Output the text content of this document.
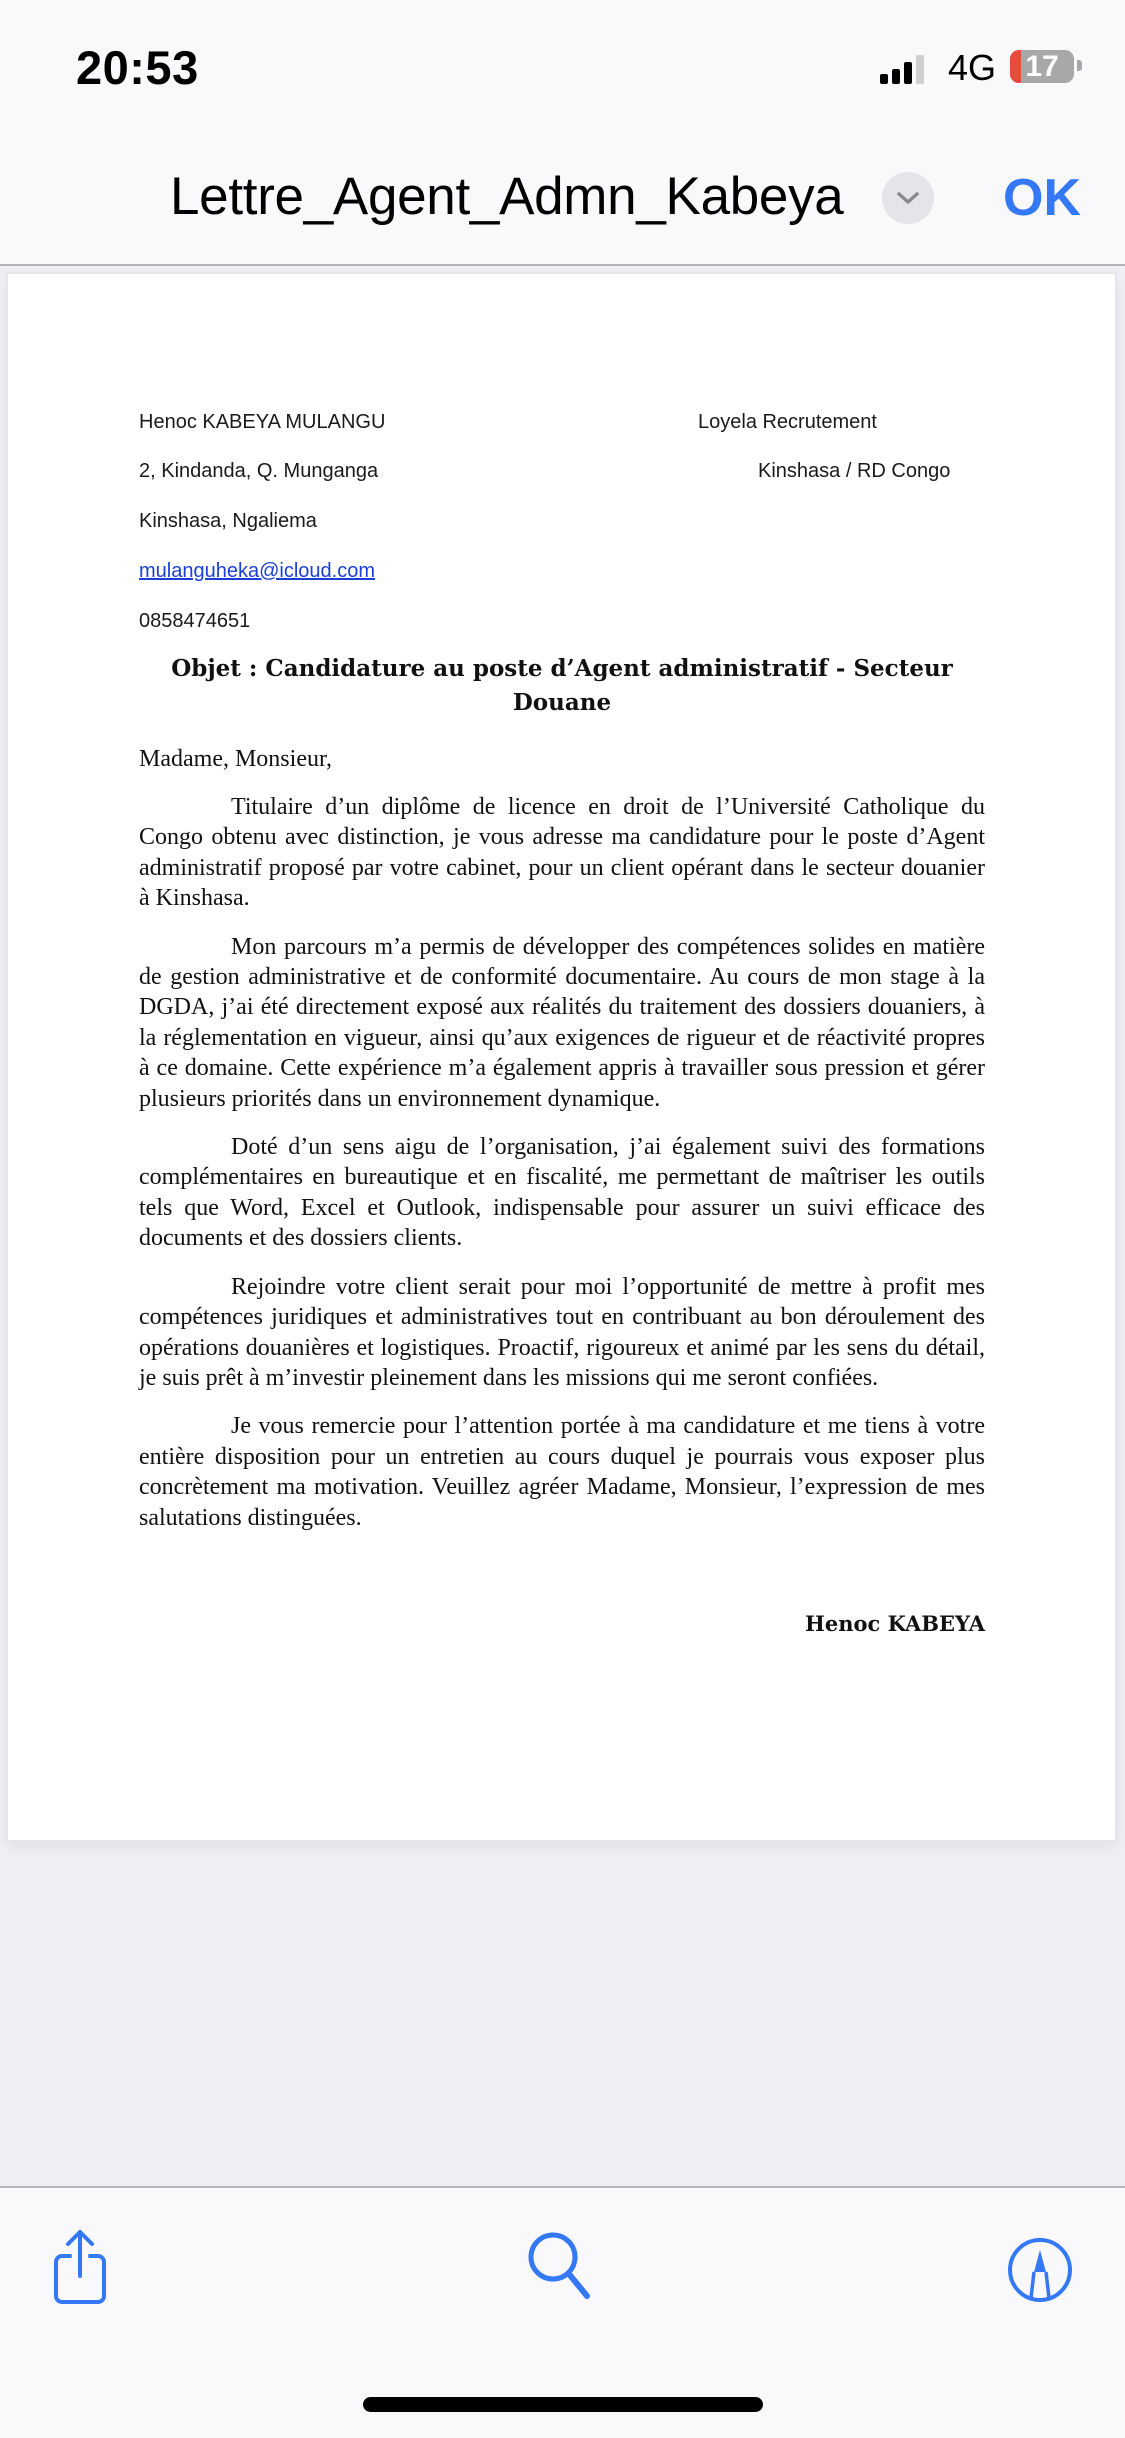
20:53	4G 17
Lettre_Agent_Admn_Kabeya	OK
Henoc KABEYA MULANGU
2, Kindanda, Q. Munganga
Kinshasa, Ngaliema
mulanguheka@icloud.com
0858474651
Loyela Recrutement
Kinshasa / RD Congo
Objet : Candidature au poste d’Agent administratif - Secteur Douane
Madame, Monsieur,

Titulaire d’un diplôme de licence en droit de l’Université Catholique du Congo obtenu avec distinction, je vous adresse ma candidature pour le poste d’Agent administratif proposé par votre cabinet, pour un client opérant dans le secteur douanier à Kinshasa.

Mon parcours m’a permis de développer des compétences solides en matière de gestion administrative et de conformité documentaire. Au cours de mon stage à la DGDA, j’ai été directement exposé aux réalités du traitement des dossiers douaniers, à la réglementation en vigueur, ainsi qu’aux exigences de rigueur et de réactivité propres à ce domaine. Cette expérience m’a également appris à travailler sous pression et gérer plusieurs priorités dans un environnement dynamique.

Doté d’un sens aigu de l’organisation, j’ai également suivi des formations complémentaires en bureautique et en fiscalité, me permettant de maîtriser les outils tels que Word, Excel et Outlook, indispensable pour assurer un suivi efficace des documents et des dossiers clients.

Rejoindre votre client serait pour moi l’opportunité de mettre à profit mes compétences juridiques et administratives tout en contribuant au bon déroulement des opérations douanières et logistiques. Proactif, rigoureux et animé par les sens du détail, je suis prêt à m’investir pleinement dans les missions qui me seront confiées.

Je vous remercie pour l’attention portée à ma candidature et me tiens à votre entière disposition pour un entretien au cours duquel je pourrais vous exposer plus concrètement ma motivation. Veuillez agréer Madame, Monsieur, l’expression de mes salutations distinguées.

Henoc KABEYA
